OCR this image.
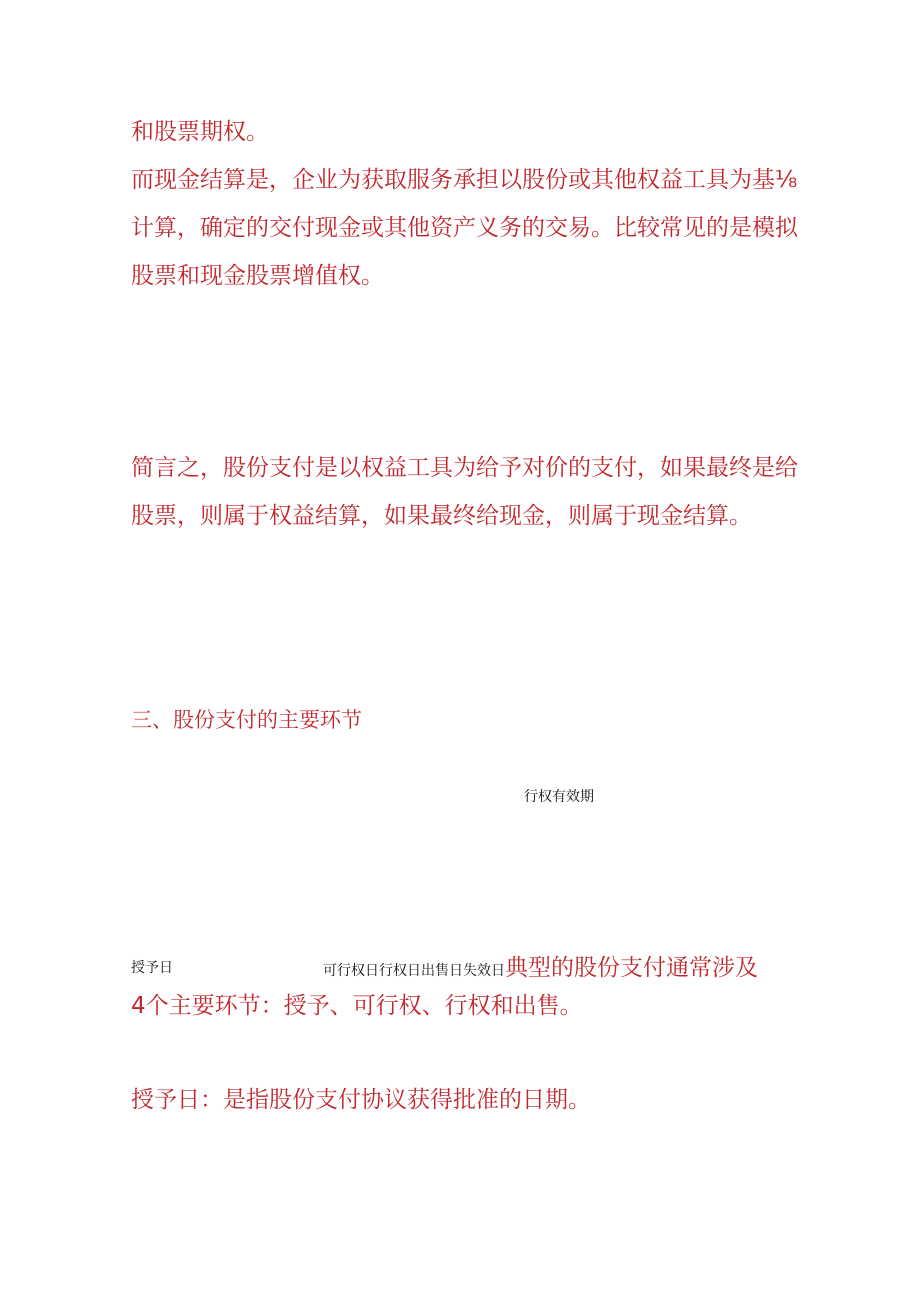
和股票期权。
而现金结算是，企业为获取服务承担以股份或其他权益工具为基⅛
计算，确定的交付现金或其他资产义务的交易。比较常见的是模拟
股票和现金股票增值权。
简言之，股份支付是以权益工具为给予对价的支付，如果最终是给
股票，则属于权益结算，如果最终给现金，则属于现金结算。
三、股份支付的主要环节
行权有效期
授予日	可行权日行权日出售日失效日典型的股份支付通常涉及
4个主要环节：授予、可行权、行权和出售。
授予日：是指股份支付协议获得批准的日期。
